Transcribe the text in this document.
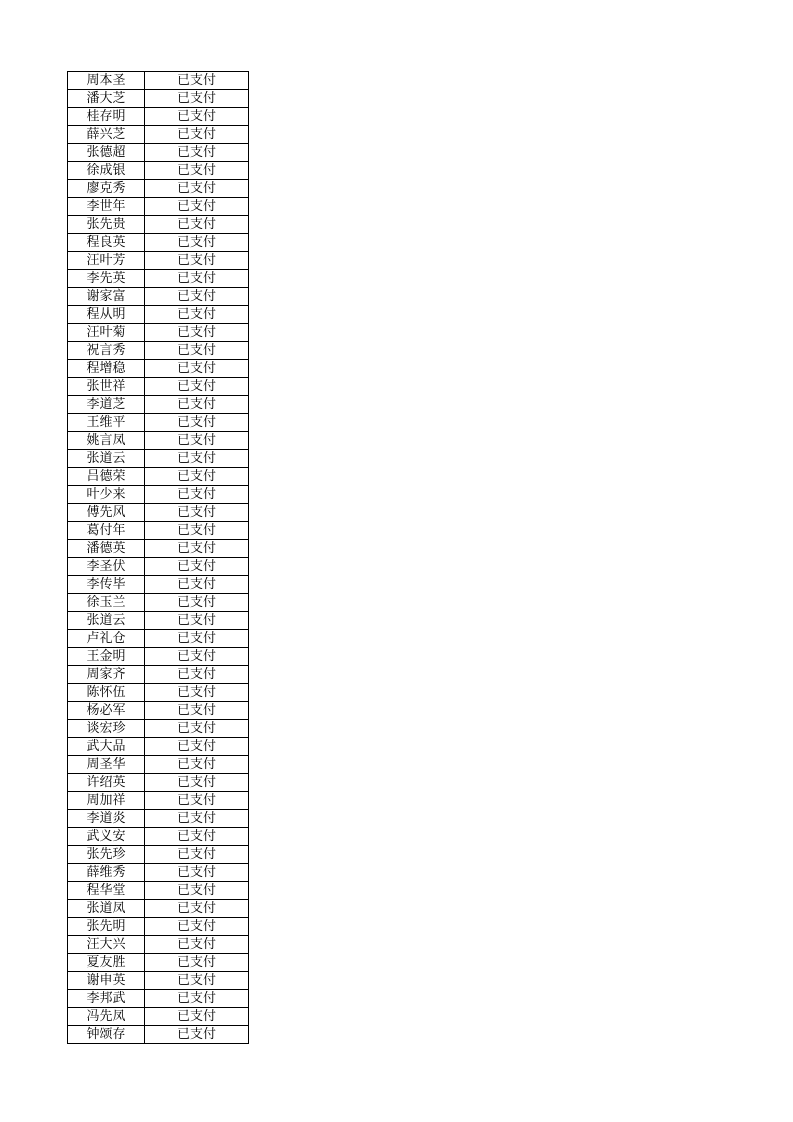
周本圣	已支付
潘大芝	已支付
桂存明	已支付
薛兴芝	已支付
张德超	已支付
徐成银	已支付
廖克秀	已支付
李世年	已支付
张先贵	已支付
程良英	已支付
汪叶芳	已支付
李先英	已支付
谢家富	已支付
程从明	已支付
汪叶菊	已支付
祝言秀	已支付
程增稳	已支付
张世祥	已支付
李道芝	已支付
王维平	已支付
姚言凤	已支付
张道云	已支付
吕德荣	已支付
叶少来	已支付
傅先风	已支付
葛付年	已支付
潘德英	已支付
李圣伏	已支付
李传毕	已支付
徐玉兰	已支付
张道云	已支付
卢礼仓	已支付
王金明	已支付
周家齐	已支付
陈怀伍	已支付
杨必军	已支付
谈宏珍	已支付
武大品	已支付
周圣华	已支付
许绍英	已支付
周加祥	已支付
李道炎	已支付
武义安	已支付
张先珍	已支付
薛维秀	已支付
程华堂	已支付
张道凤	已支付
张先明	已支付
汪大兴	已支付
夏友胜	已支付
谢申英	已支付
李邦武	已支付
冯先凤	已支付
钟颂存	已支付
